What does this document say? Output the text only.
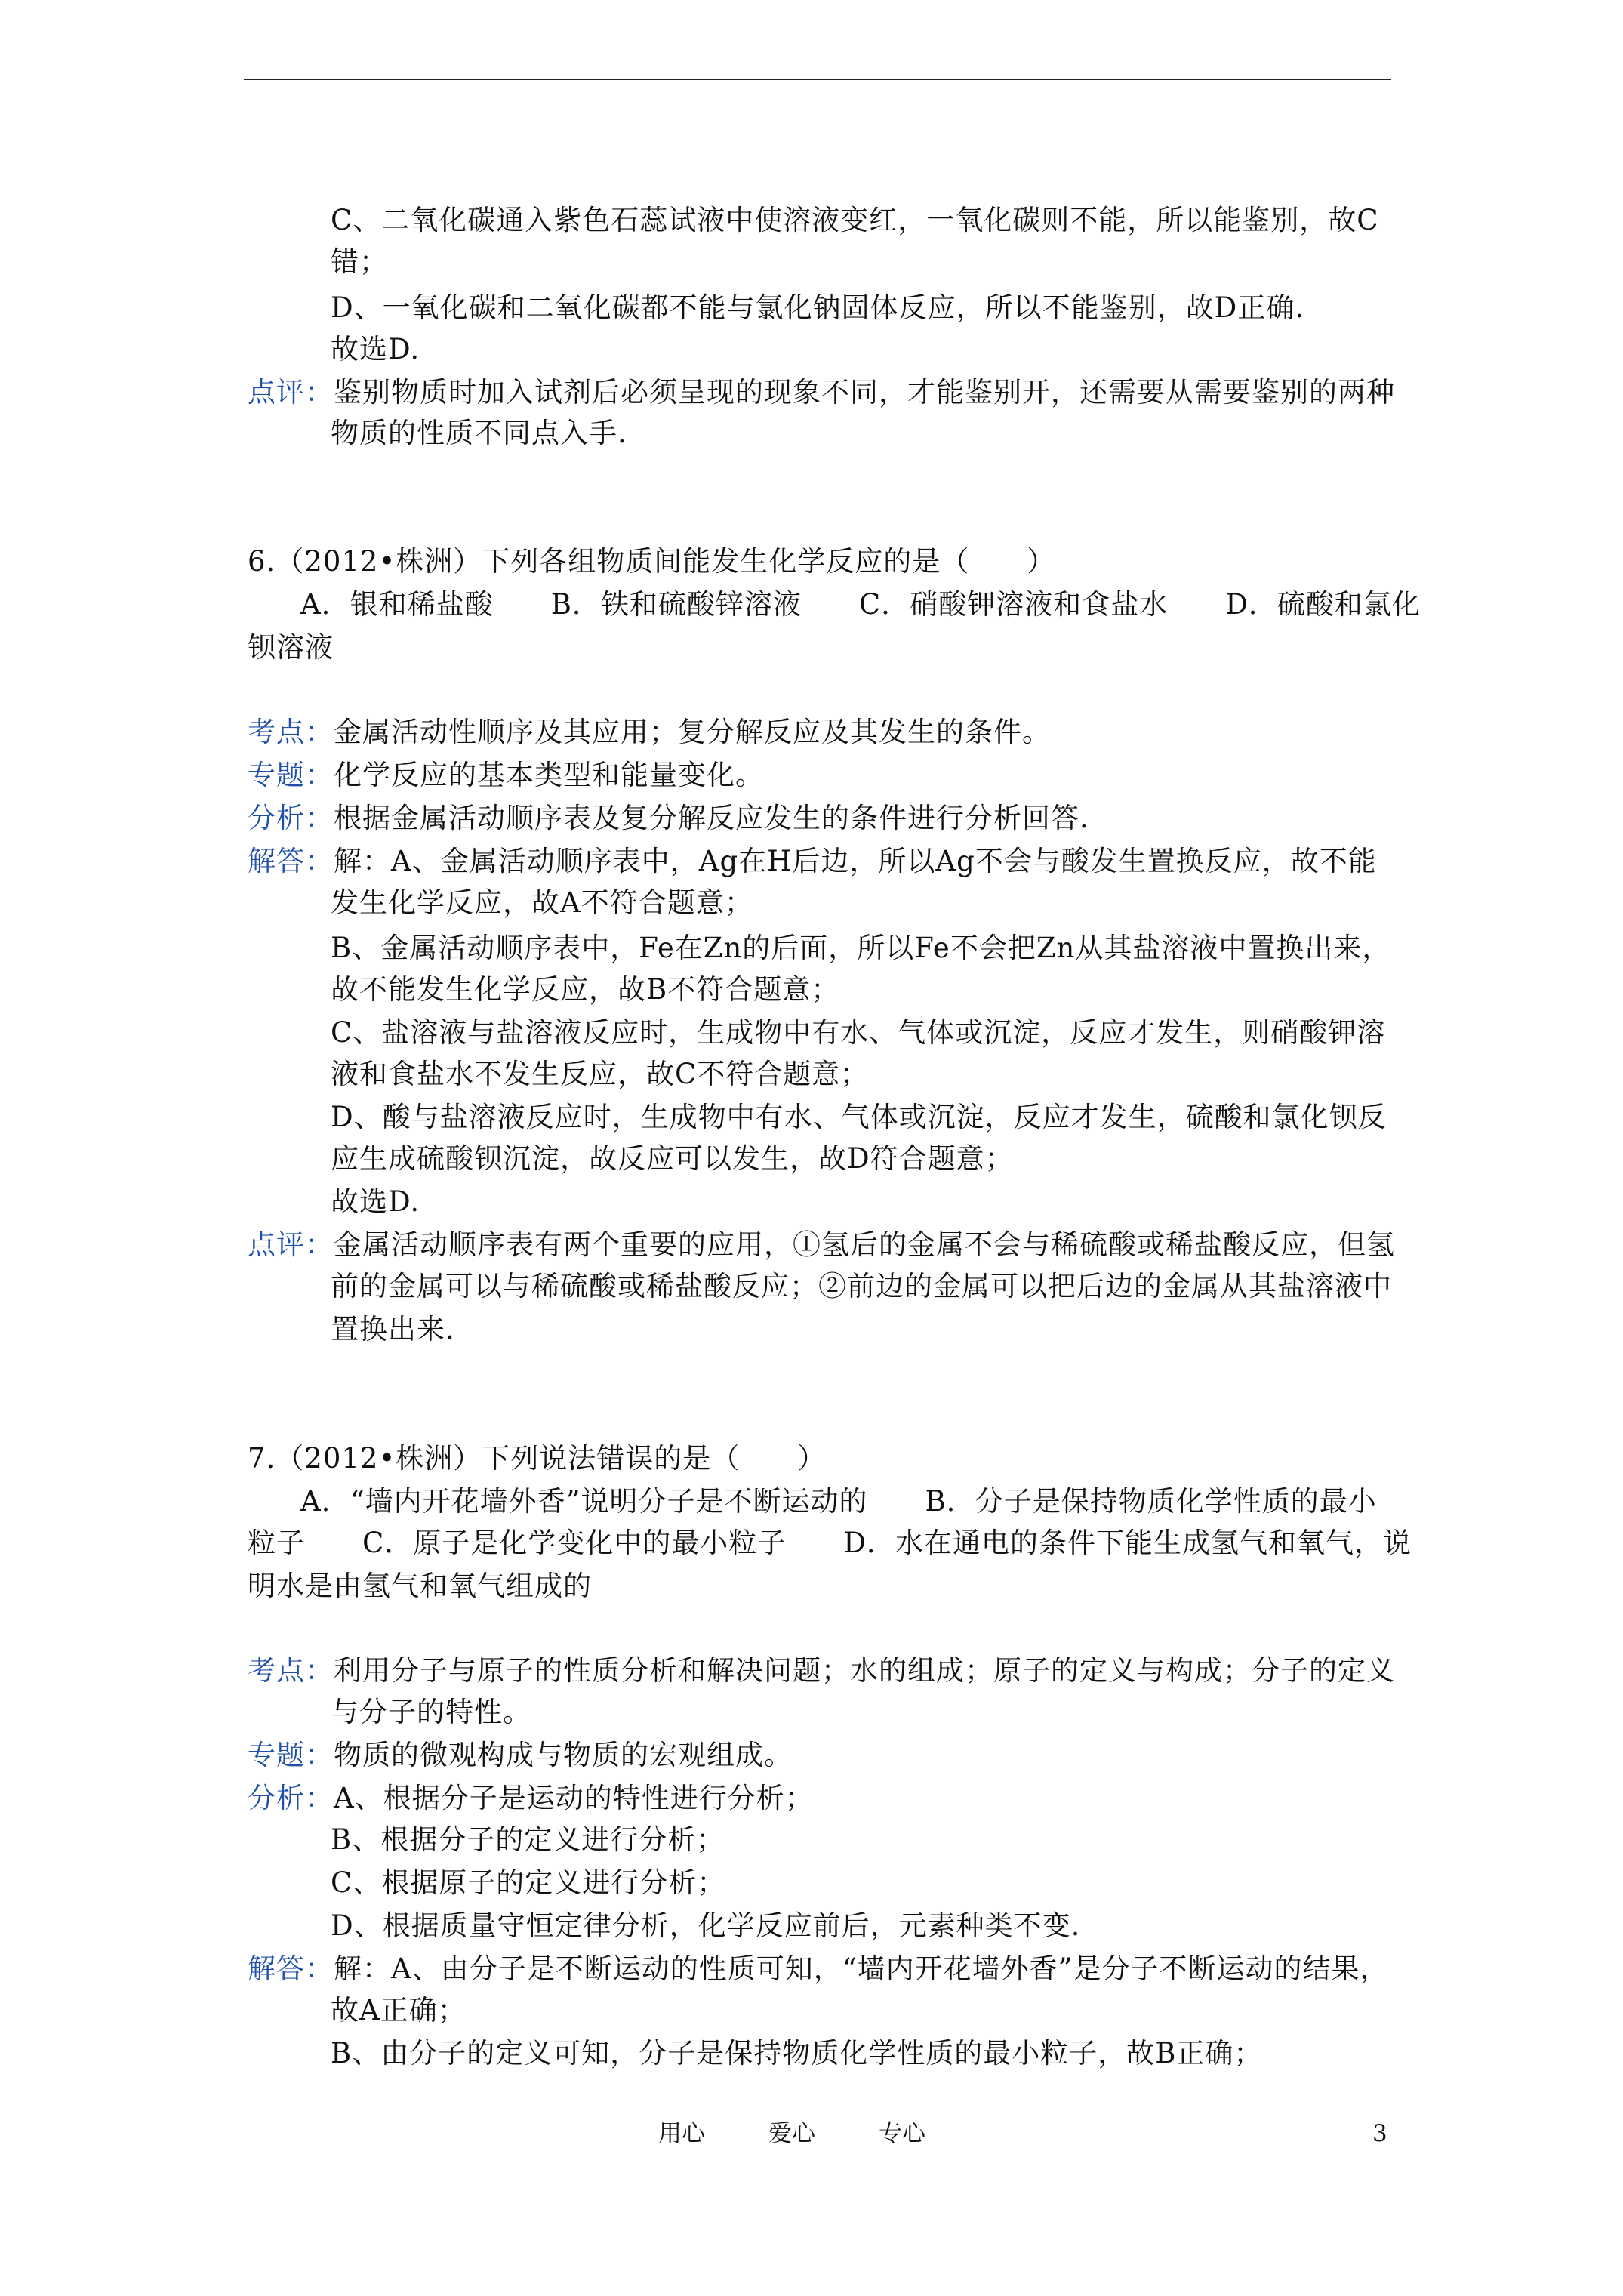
C、二氧化碳通入紫色石蕊试液中使溶液变红，一氧化碳则不能，所以能鉴别，故C
错；
D、一氧化碳和二氧化碳都不能与氯化钠固体反应，所以不能鉴别，故D正确.
故选D.
点评：鉴别物质时加入试剂后必须呈现的现象不同，才能鉴别开，还需要从需要鉴别的两种
物质的性质不同点入手.
6.（2012•株洲）下列各组物质间能发生化学反应的是（　　）
A．银和稀盐酸　　B．铁和硫酸锌溶液　　C．硝酸钾溶液和食盐水　　D．硫酸和氯化
钡溶液
考点：金属活动性顺序及其应用；复分解反应及其发生的条件。
专题：化学反应的基本类型和能量变化。
分析：根据金属活动顺序表及复分解反应发生的条件进行分析回答.
解答：解：A、金属活动顺序表中，Ag在H后边，所以Ag不会与酸发生置换反应，故不能
发生化学反应，故A不符合题意；
B、金属活动顺序表中，Fe在Zn的后面，所以Fe不会把Zn从其盐溶液中置换出来，
故不能发生化学反应，故B不符合题意；
C、盐溶液与盐溶液反应时，生成物中有水、气体或沉淀，反应才发生，则硝酸钾溶
液和食盐水不发生反应，故C不符合题意；
D、酸与盐溶液反应时，生成物中有水、气体或沉淀，反应才发生，硫酸和氯化钡反
应生成硫酸钡沉淀，故反应可以发生，故D符合题意；
故选D.
点评：金属活动顺序表有两个重要的应用，①氢后的金属不会与稀硫酸或稀盐酸反应，但氢
前的金属可以与稀硫酸或稀盐酸反应；②前边的金属可以把后边的金属从其盐溶液中
置换出来.
7.（2012•株洲）下列说法错误的是（　　）
A．“墙内开花墙外香”说明分子是不断运动的　　B．分子是保持物质化学性质的最小
粒子　　C．原子是化学变化中的最小粒子　　D．水在通电的条件下能生成氢气和氧气，说
明水是由氢气和氧气组成的
考点：利用分子与原子的性质分析和解决问题；水的组成；原子的定义与构成；分子的定义
与分子的特性。
专题：物质的微观构成与物质的宏观组成。
分析：A、根据分子是运动的特性进行分析；
B、根据分子的定义进行分析；
C、根据原子的定义进行分析；
D、根据质量守恒定律分析，化学反应前后，元素种类不变.
解答：解：A、由分子是不断运动的性质可知，“墙内开花墙外香”是分子不断运动的结果，
故A正确；
B、由分子的定义可知，分子是保持物质化学性质的最小粒子，故B正确；
用心	爱心	专心	3
